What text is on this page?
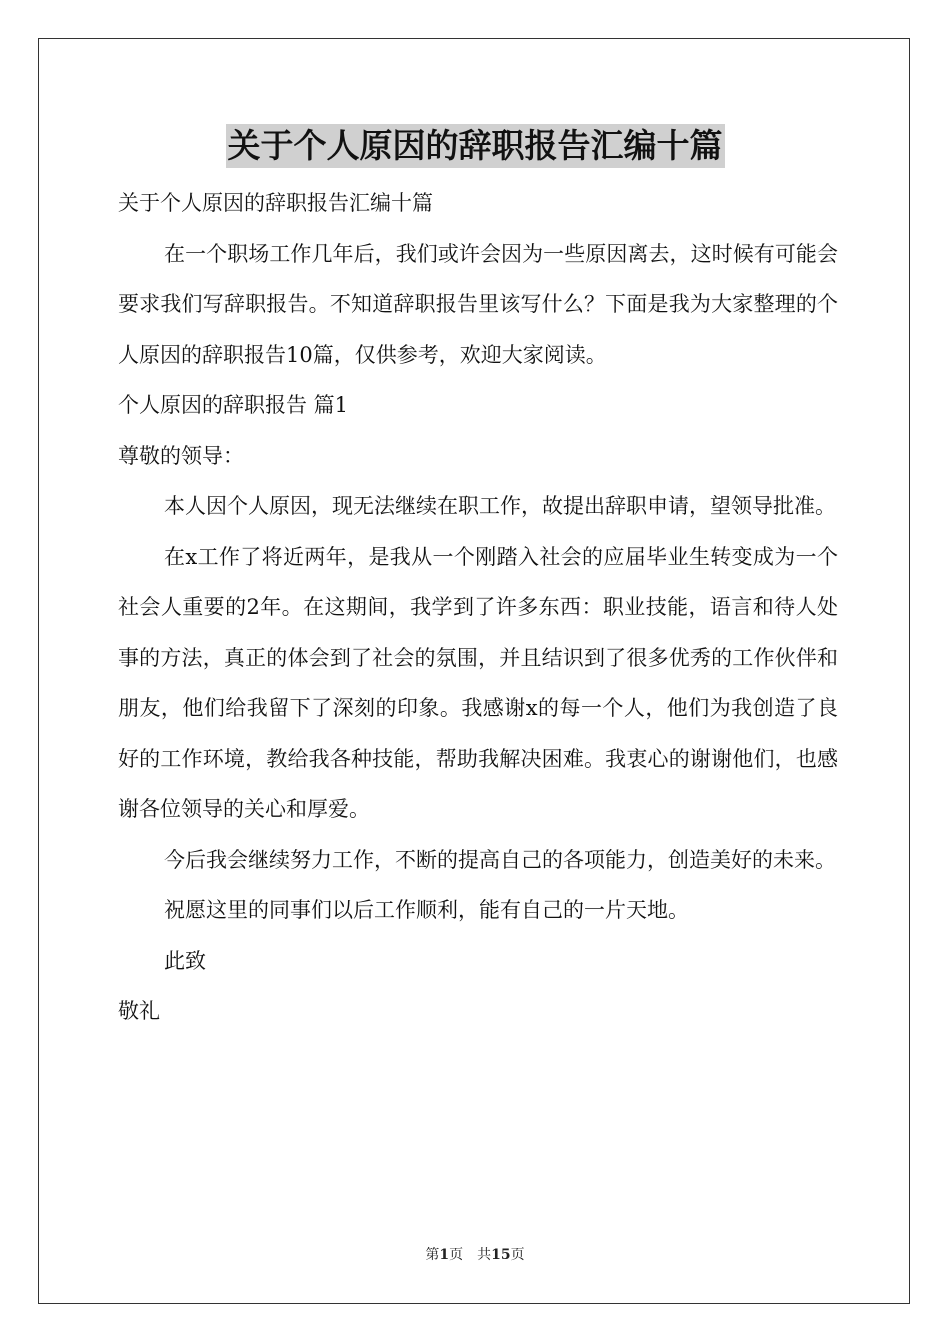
关于个人原因的辞职报告汇编十篇

关于个人原因的辞职报告汇编十篇

在一个职场工作几年后，我们或许会因为一些原因离去，这时候有可能会要求我们写辞职报告。不知道辞职报告里该写什么？下面是我为大家整理的个人原因的辞职报告10篇，仅供参考，欢迎大家阅读。

个人原因的辞职报告 篇1

尊敬的领导：

本人因个人原因，现无法继续在职工作，故提出辞职申请，望领导批准。

在x工作了将近两年，是我从一个刚踏入社会的应届毕业生转变成为一个社会人重要的2年。在这期间，我学到了许多东西：职业技能，语言和待人处事的方法，真正的体会到了社会的氛围，并且结识到了很多优秀的工作伙伴和朋友，他们给我留下了深刻的印象。我感谢x的每一个人，他们为我创造了良好的工作环境，教给我各种技能，帮助我解决困难。我衷心的谢谢他们，也感谢各位领导的关心和厚爱。

今后我会继续努力工作，不断的提高自己的各项能力，创造美好的未来。

祝愿这里的同事们以后工作顺利，能有自己的一片天地。

此致

敬礼

第1页　共15页
